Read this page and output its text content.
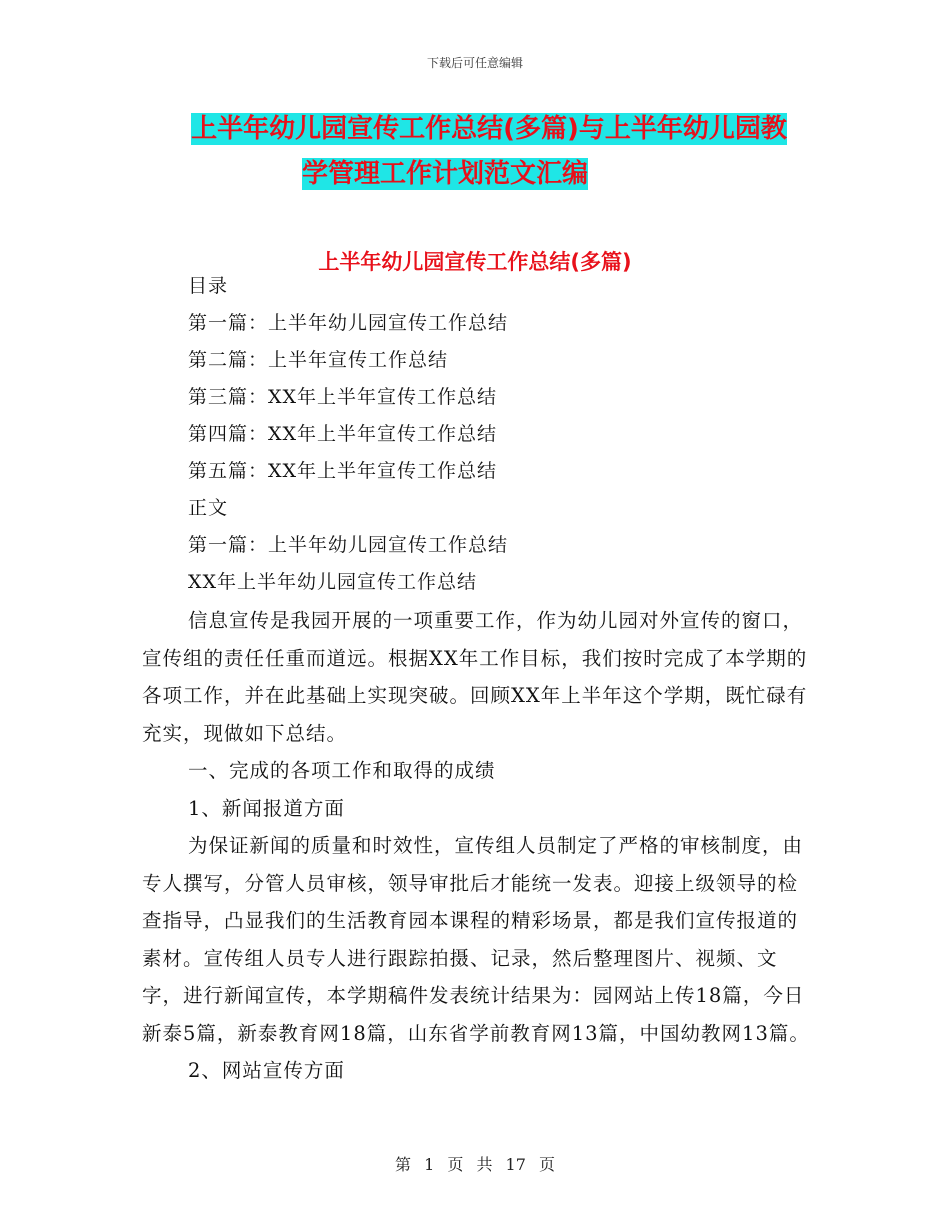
下载后可任意编辑
上半年幼儿园宣传工作总结(多篇)与上半年幼儿园教
学管理工作计划范文汇编
上半年幼儿园宣传工作总结(多篇)
目录
第一篇：上半年幼儿园宣传工作总结
第二篇：上半年宣传工作总结
第三篇：XX年上半年宣传工作总结
第四篇：XX年上半年宣传工作总结
第五篇：XX年上半年宣传工作总结
正文
第一篇：上半年幼儿园宣传工作总结
XX年上半年幼儿园宣传工作总结

信息宣传是我园开展的一项重要工作，作为幼儿园对外宣传的窗口，宣传组的责任任重而道远。根据XX年工作目标，我们按时完成了本学期的各项工作，并在此基础上实现突破。回顾XX年上半年这个学期，既忙碌有充实，现做如下总结。

一、完成的各项工作和取得的成绩

1、新闻报道方面

为保证新闻的质量和时效性，宣传组人员制定了严格的审核制度，由专人撰写，分管人员审核，领导审批后才能统一发表。迎接上级领导的检查指导，凸显我们的生活教育园本课程的精彩场景，都是我们宣传报道的素材。宣传组人员专人进行跟踪拍摄、记录，然后整理图片、视频、文字，进行新闻宣传，本学期稿件发表统计结果为：园网站上传18篇，今日新泰5篇，新泰教育网18篇，山东省学前教育网13篇，中国幼教网13篇。

2、网站宣传方面

第 1 页 共 17 页
